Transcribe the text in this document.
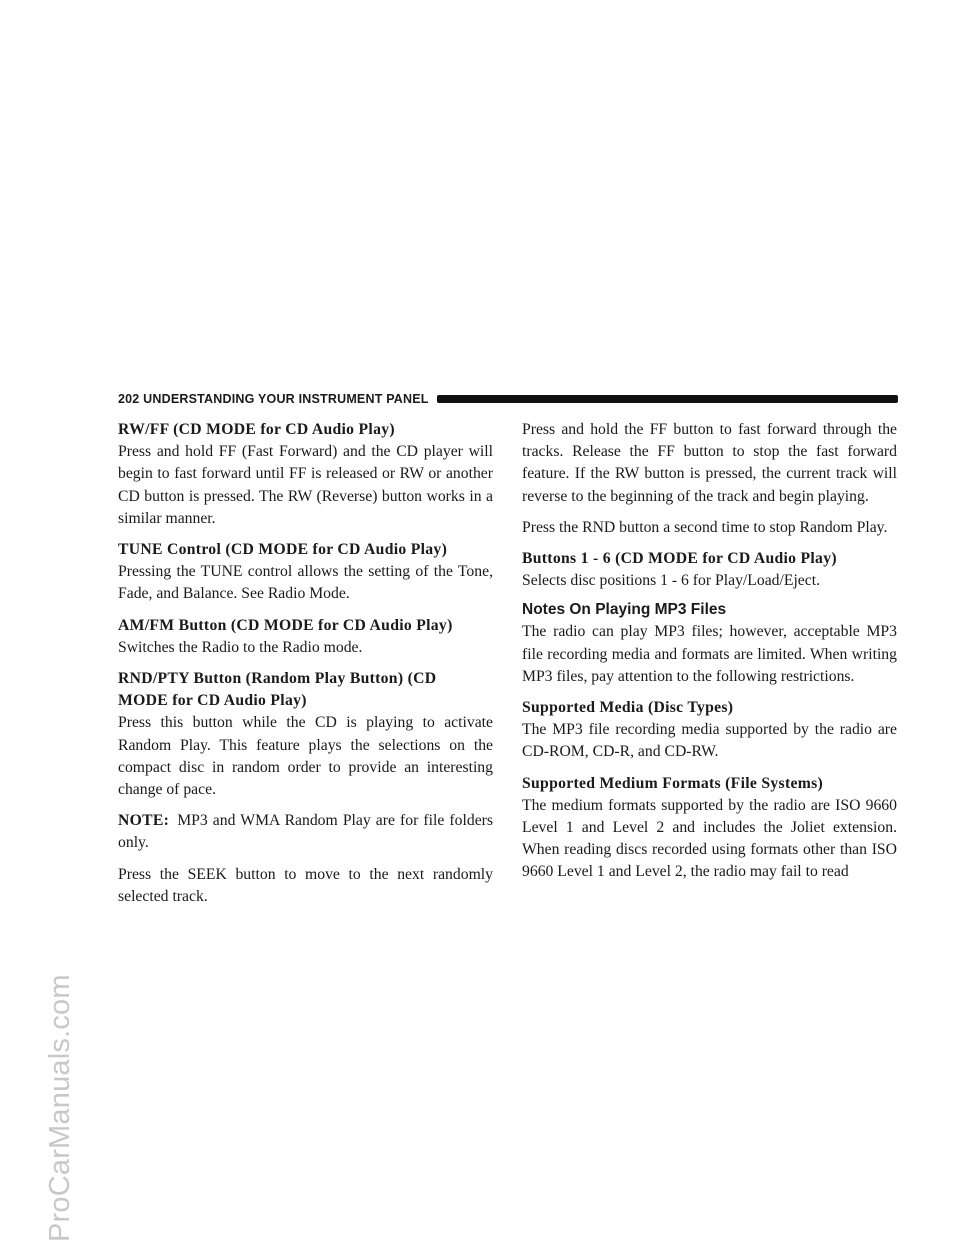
ProCarManuals.com
202 UNDERSTANDING YOUR INSTRUMENT PANEL
RW/FF (CD MODE for CD Audio Play)

Press and hold FF (Fast Forward) and the CD player will begin to fast forward until FF is released or RW or another CD button is pressed. The RW (Reverse) button works in a similar manner.

TUNE Control (CD MODE for CD Audio Play)

Pressing the TUNE control allows the setting of the Tone, Fade, and Balance. See Radio Mode.

AM/FM Button (CD MODE for CD Audio Play)

Switches the Radio to the Radio mode.

RND/PTY Button (Random Play Button) (CD
MODE for CD Audio Play)

Press this button while the CD is playing to activate Random Play. This feature plays the selections on the compact disc in random order to provide an interesting change of pace.

NOTE: MP3 and WMA Random Play are for file folders only.

Press the SEEK button to move to the next randomly selected track.

Press and hold the FF button to fast forward through the tracks. Release the FF button to stop the fast forward feature. If the RW button is pressed, the current track will reverse to the beginning of the track and begin playing.

Press the RND button a second time to stop Random Play.

Buttons 1 - 6 (CD MODE for CD Audio Play)

Selects disc positions 1 - 6 for Play/Load/Eject.

Notes On Playing MP3 Files

The radio can play MP3 files; however, acceptable MP3 file recording media and formats are limited. When writing MP3 files, pay attention to the following restrictions.

Supported Media (Disc Types)

The MP3 file recording media supported by the radio are CD-ROM, CD-R, and CD-RW.

Supported Medium Formats (File Systems)

The medium formats supported by the radio are ISO 9660 Level 1 and Level 2 and includes the Joliet extension. When reading discs recorded using formats other than ISO 9660 Level 1 and Level 2, the radio may fail to read
